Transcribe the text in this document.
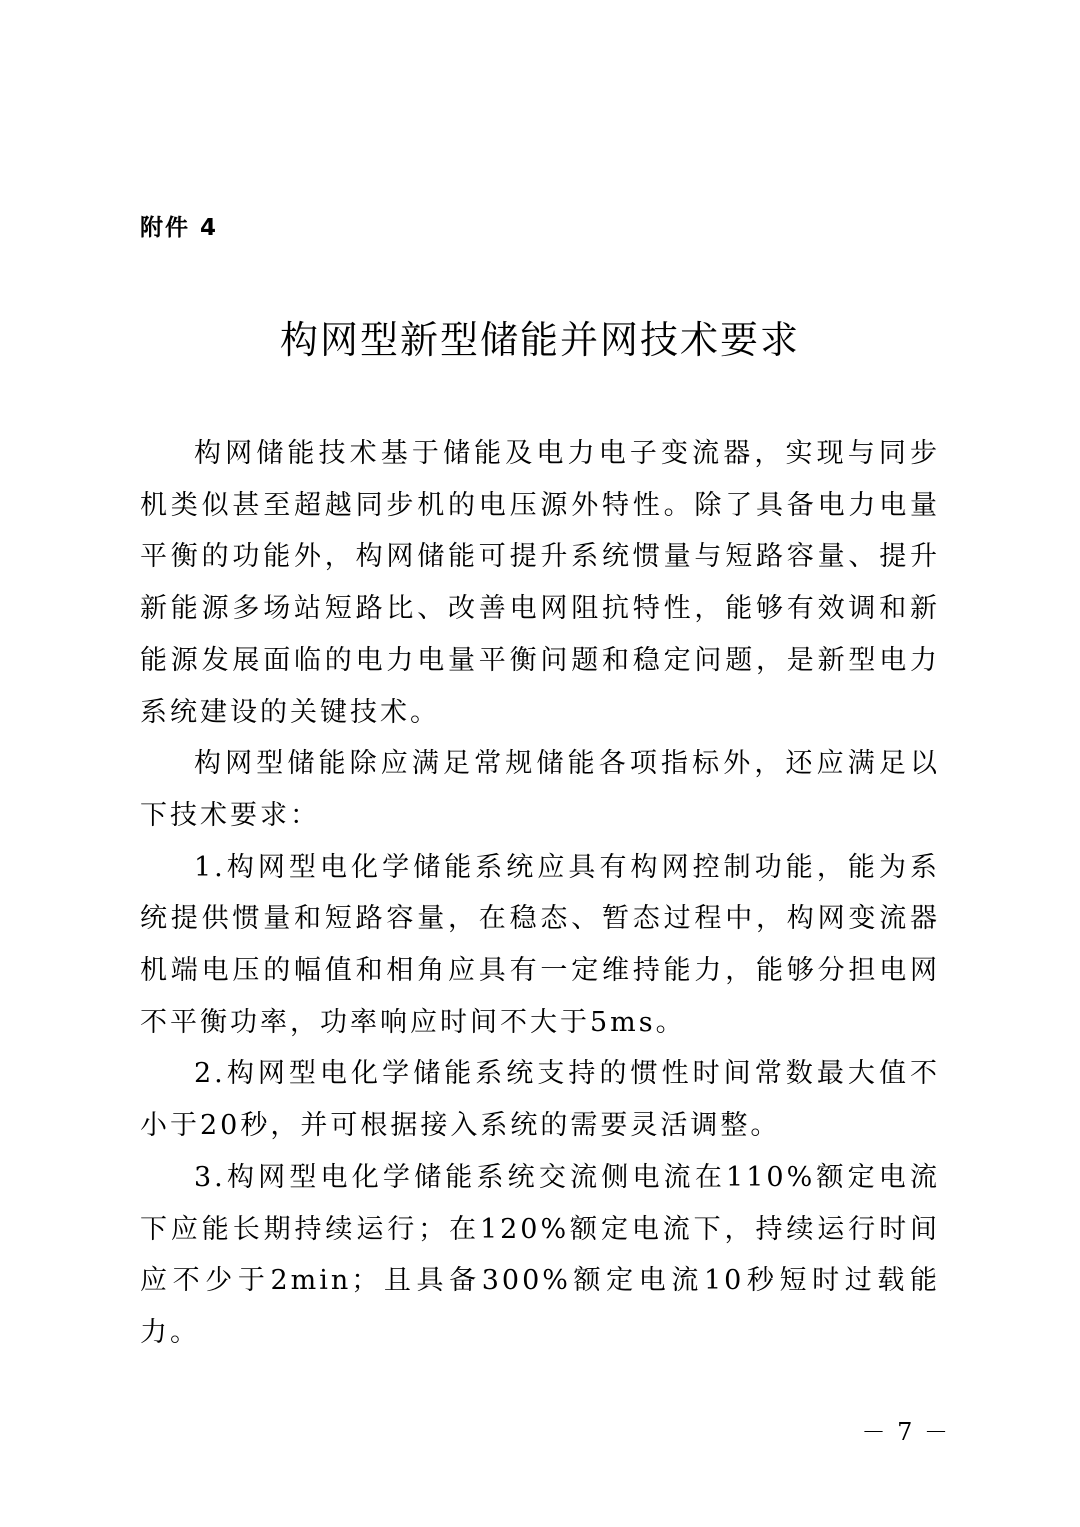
附件 4
构网型新型储能并网技术要求

构网储能技术基于储能及电力电子变流器，实现与同步机类似甚至超越同步机的电压源外特性。除了具备电力电量平衡的功能外，构网储能可提升系统惯量与短路容量、提升新能源多场站短路比、改善电网阻抗特性，能够有效调和新能源发展面临的电力电量平衡问题和稳定问题，是新型电力系统建设的关键技术。

构网型储能除应满足常规储能各项指标外，还应满足以下技术要求：

1.构网型电化学储能系统应具有构网控制功能，能为系统提供惯量和短路容量，在稳态、暂态过程中，构网变流器机端电压的幅值和相角应具有一定维持能力，能够分担电网不平衡功率，功率响应时间不大于5ms。

2.构网型电化学储能系统支持的惯性时间常数最大值不小于20秒，并可根据接入系统的需要灵活调整。

3.构网型电化学储能系统交流侧电流在110%额定电流下应能长期持续运行；在120%额定电流下，持续运行时间应不少于2min；且具备300%额定电流10秒短时过载能力。

－ 7 －
